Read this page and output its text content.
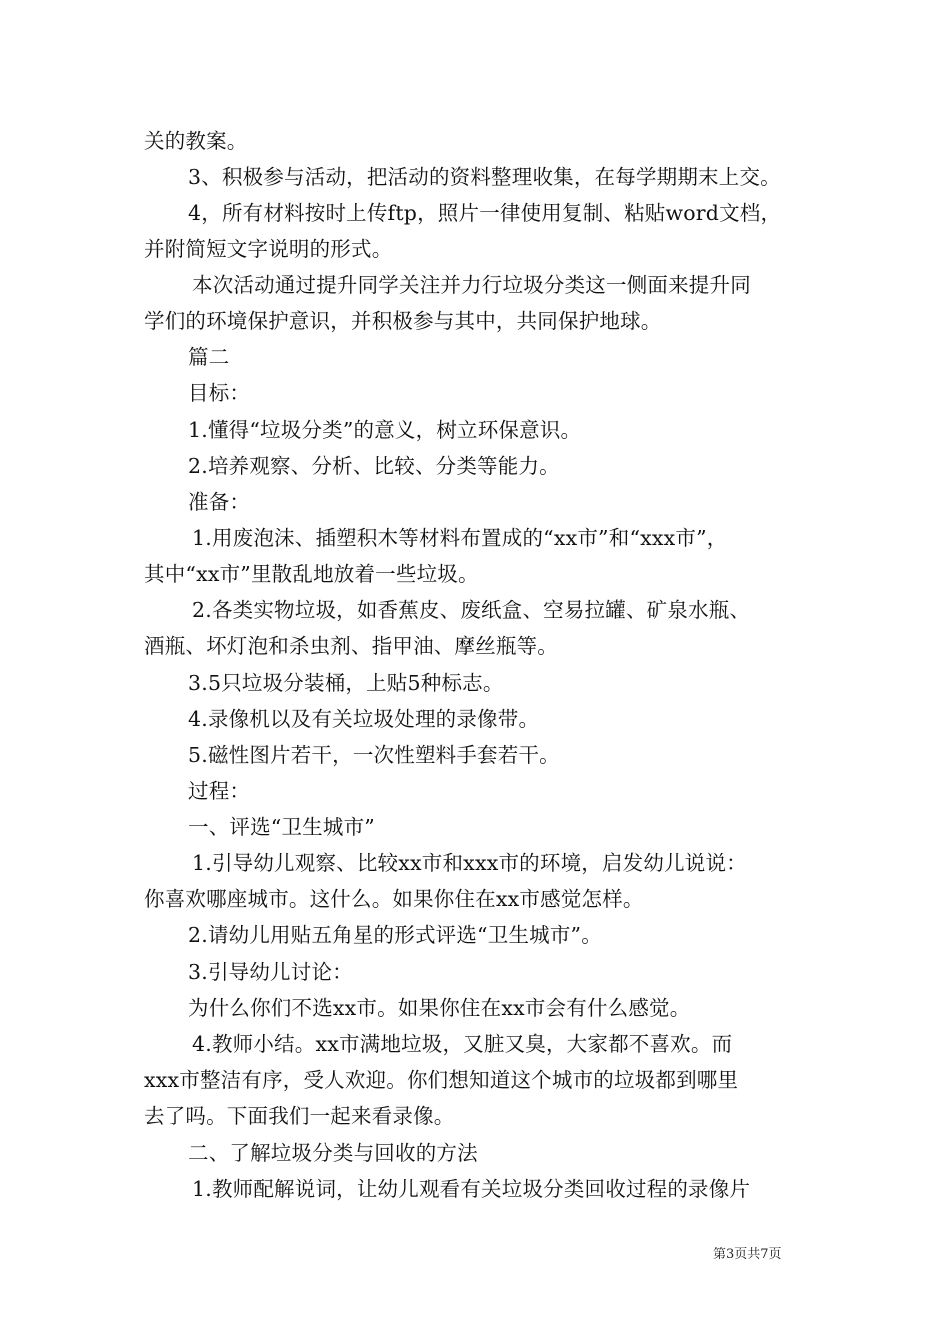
关的教案。
3、积极参与活动，把活动的资料整理收集，在每学期期末上交。
4，所有材料按时上传ftp，照片一律使用复制、粘贴word文档，
并附简短文字说明的形式。
本次活动通过提升同学关注并力行垃圾分类这一侧面来提升同
学们的环境保护意识，并积极参与其中，共同保护地球。
篇二
目标：
1.懂得“垃圾分类”的意义，树立环保意识。
2.培养观察、分析、比较、分类等能力。
准备：
1.用废泡沫、插塑积木等材料布置成的“xx市”和“xxx市”，
其中“xx市”里散乱地放着一些垃圾。
2.各类实物垃圾，如香蕉皮、废纸盒、空易拉罐、矿泉水瓶、
酒瓶、坏灯泡和杀虫剂、指甲油、摩丝瓶等。
3.5只垃圾分装桶，上贴5种标志。
4.录像机以及有关垃圾处理的录像带。
5.磁性图片若干，一次性塑料手套若干。
过程：
一、评选“卫生城市”
1.引导幼儿观察、比较xx市和xxx市的环境，启发幼儿说说：
你喜欢哪座城市。这什么。如果你住在xx市感觉怎样。
2.请幼儿用贴五角星的形式评选“卫生城市”。
3.引导幼儿讨论：
为什么你们不选xx市。如果你住在xx市会有什么感觉。
4.教师小结。xx市满地垃圾，又脏又臭，大家都不喜欢。而
xxx市整洁有序，受人欢迎。你们想知道这个城市的垃圾都到哪里
去了吗。下面我们一起来看录像。
二、了解垃圾分类与回收的方法
1.教师配解说词，让幼儿观看有关垃圾分类回收过程的录像片
第3页共7页
